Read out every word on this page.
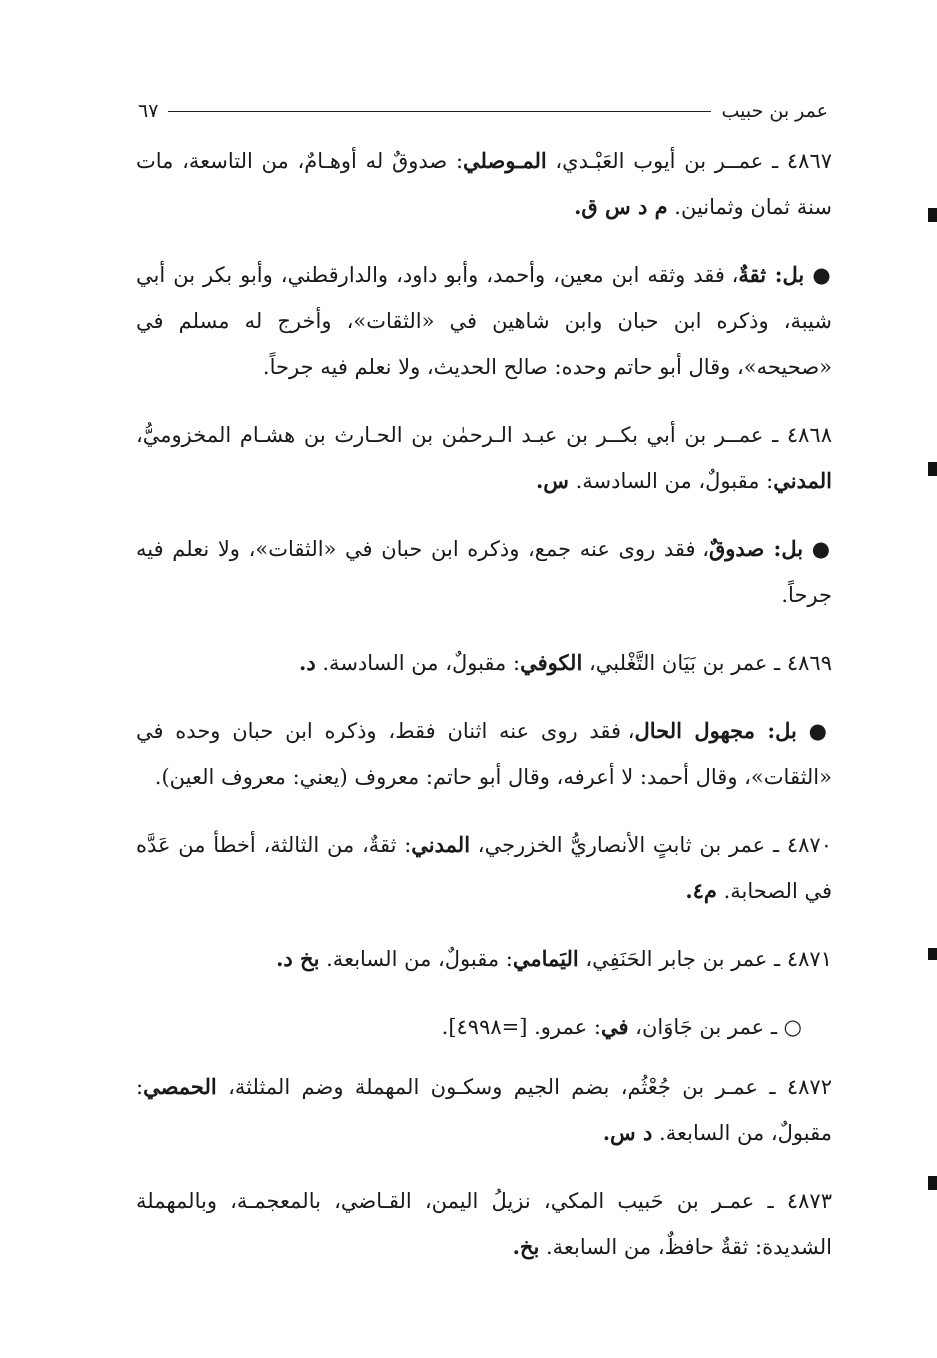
عمر بن حبيب
٦٧

٤٨٦٧ ـ عمــر بن أيوب العَبْـدي، المـوصلي: صدوقٌ له أوهـامٌ، من التاسعة، مات سنة ثمان وثمانين. م د س ق.

● بل: ثقةٌ، فقد وثقه ابن معين، وأحمد، وأبو داود، والدارقطني، وأبو بكر بن أبي شيبة، وذكره ابن حبان وابن شاهين في «الثقات»، وأخرج له مسلم في «صحيحه»، وقال أبو حاتم وحده: صالح الحديث، ولا نعلم فيه جرحاً.

٤٨٦٨ ـ عمــر بن أبي بكــر بن عبـد الـرحمٰن بن الحـارث بن هشـام المخزوميُّ، المدني: مقبولٌ، من السادسة. س.

● بل: صدوقٌ، فقد روى عنه جمع، وذكره ابن حبان في «الثقات»، ولا نعلم فيه جرحاً.

٤٨٦٩ ـ عمر بن بَيَان التَّغْلبي، الكوفي: مقبولٌ، من السادسة. د.

● بل: مجهول الحال، فقد روى عنه اثنان فقط، وذكره ابن حبان وحده في «الثقات»، وقال أحمد: لا أعرفه، وقال أبو حاتم: معروف (يعني: معروف العين).

٤٨٧٠ ـ عمر بن ثابتٍ الأنصاريُّ الخزرجي، المدني: ثقةٌ، من الثالثة، أخطأ من عَدَّه في الصحابة. م٤.

٤٨٧١ ـ عمر بن جابر الحَنَفِي، اليَمامي: مقبولٌ، من السابعة. بخ د.

○ ـ عمر بن جَاوَان، في: عمرو. [=٤٩٩٨].

٤٨٧٢ ـ عمـر بن جُعْثُم، بضم الجيم وسكـون المهملة وضم المثلثة، الحمصي: مقبولٌ، من السابعة. د س.

٤٨٧٣ ـ عمـر بن حَبيب المكي، نزيلُ اليمن، القـاضي، بالمعجمـة، وبالمهملة الشديدة: ثقةٌ حافظٌ، من السابعة. بخ.
